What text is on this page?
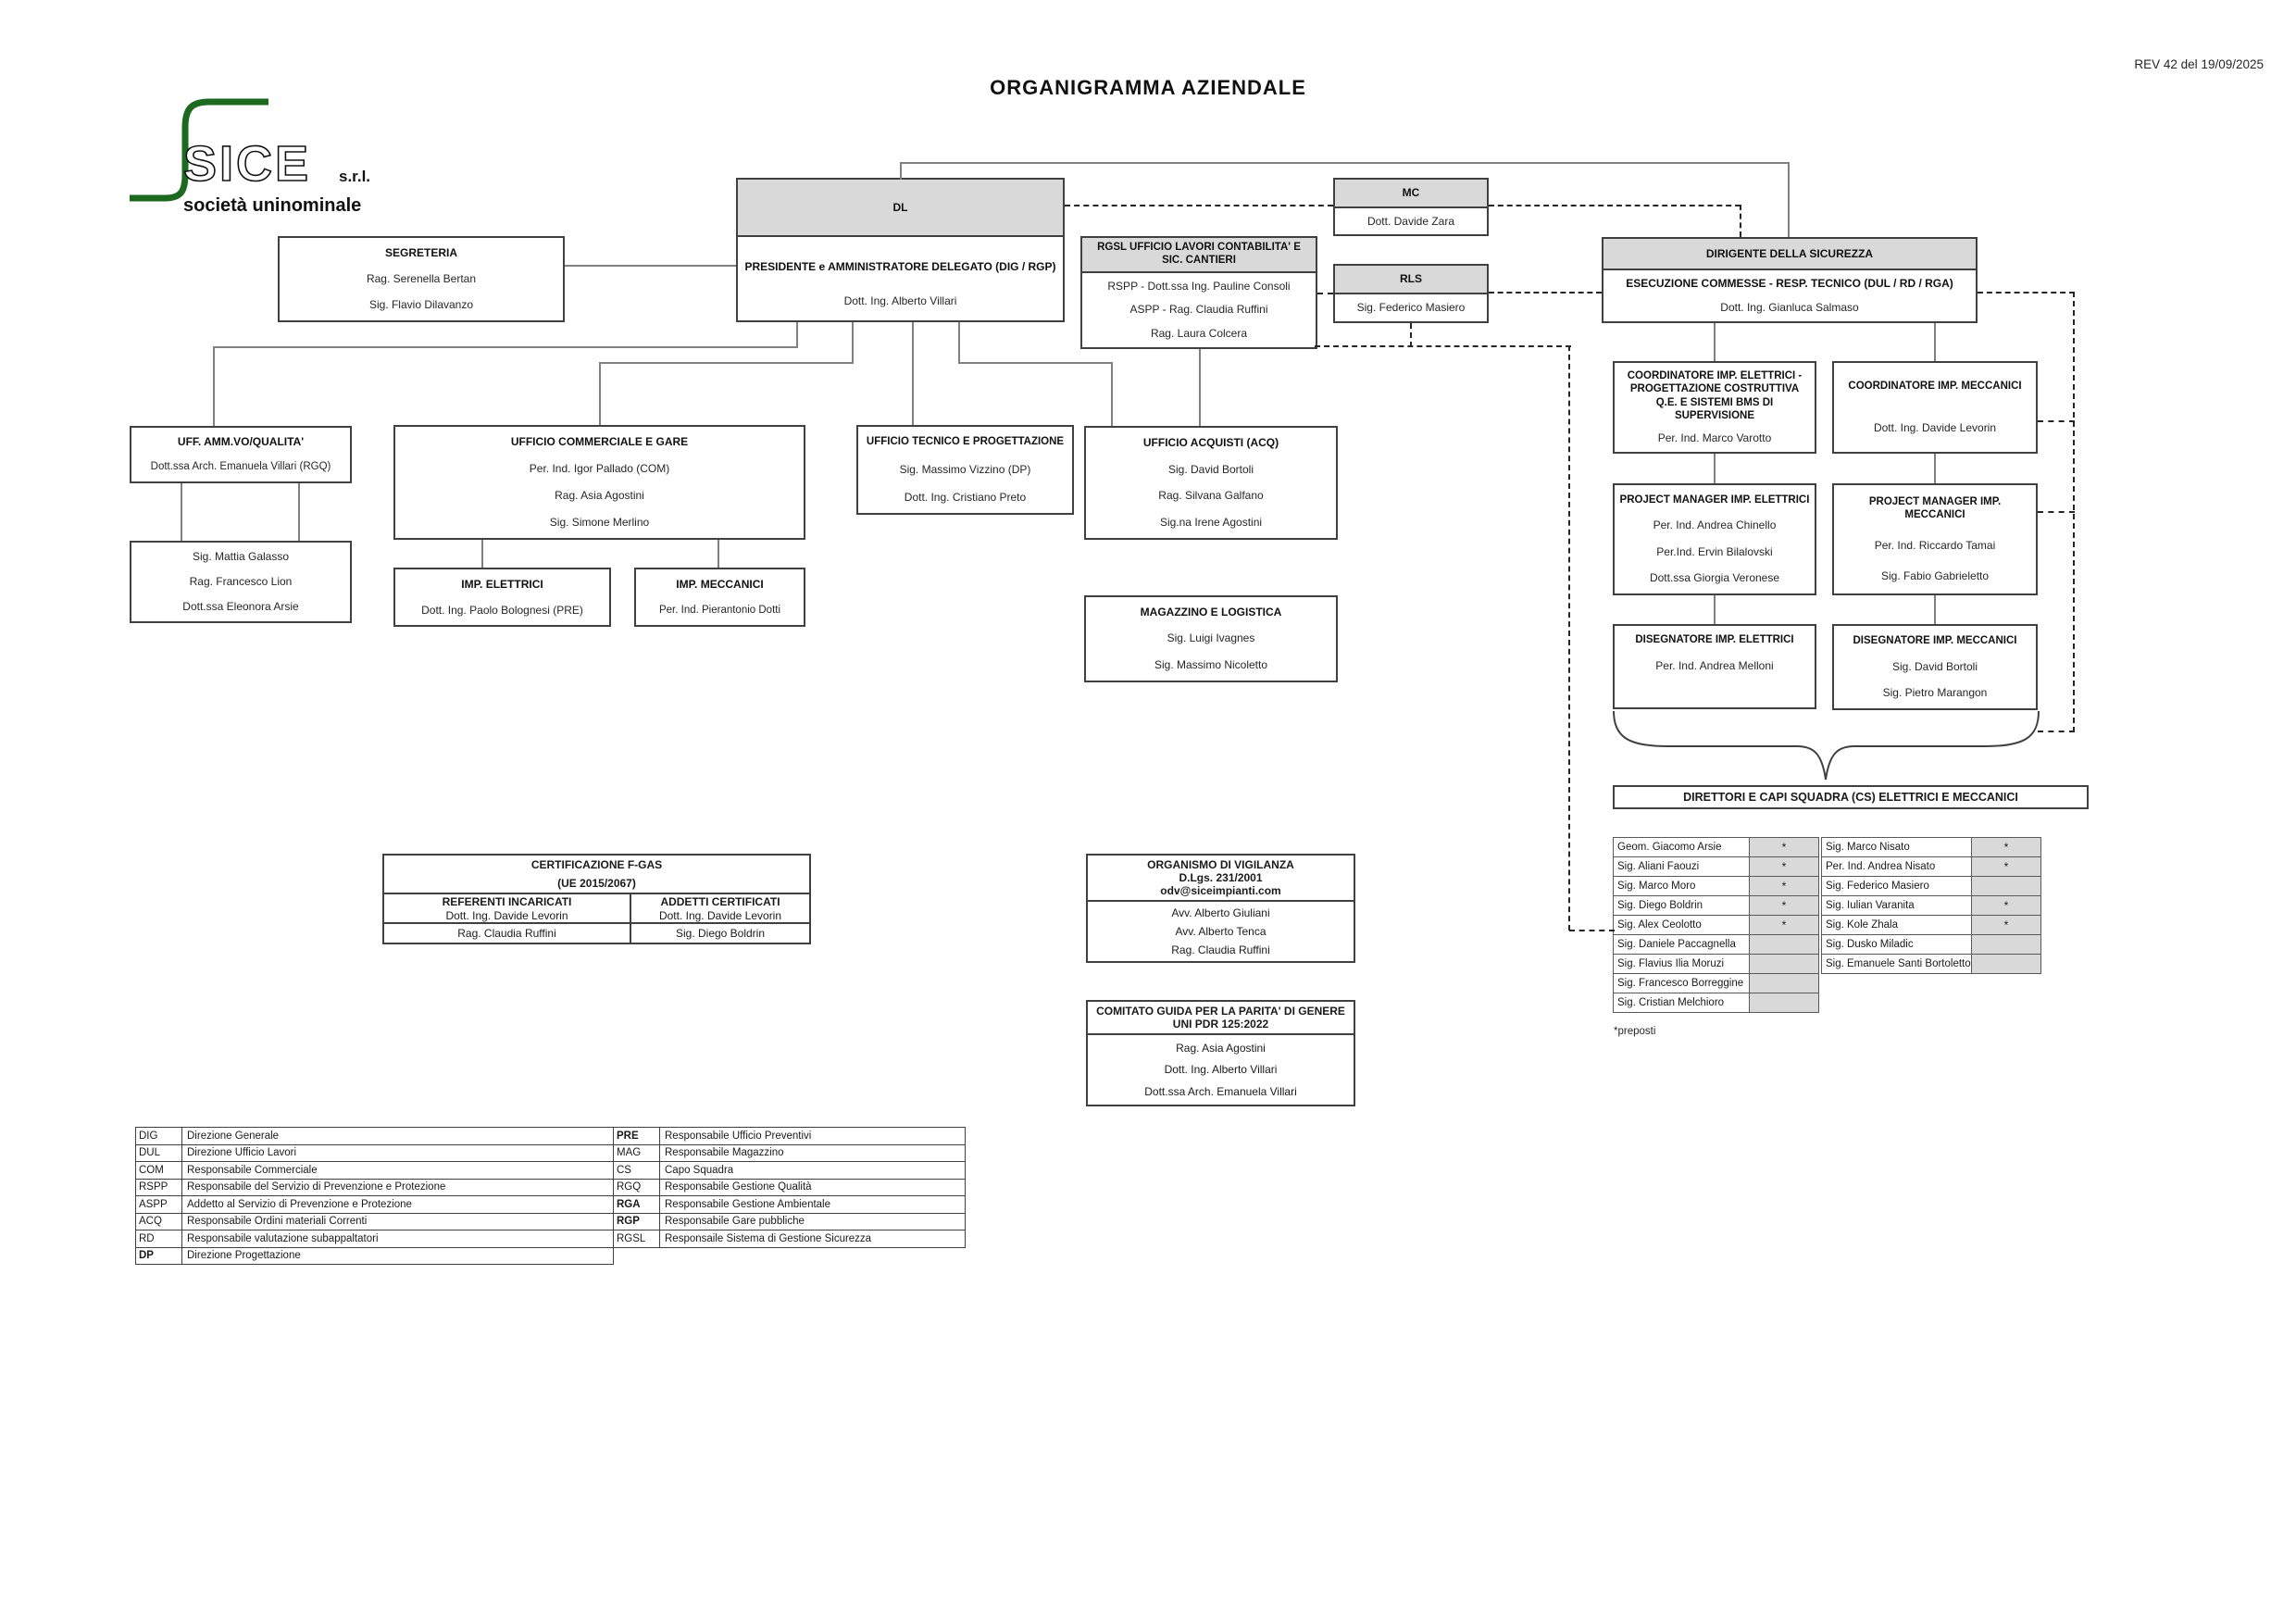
ORGANIGRAMMA AZIENDALE
REV 42 del 19/09/2025
SICE s.r.l.
società uninominale	DL
PRESIDENTE e AMMINISTRATORE DELEGATO (DIG / RGP)
Dott. Ing. Alberto Villari
SEGRETERIA
Rag. Serenella Bertan
Sig. Flavio Dilavanzo
MC
Dott. Davide Zara
RGSL UFFICIO LAVORI CONTABILITA' E SIC. CANTIERI
RSPP - Dott.ssa Ing. Pauline Consoli
ASPP - Rag. Claudia Ruffini
Rag. Laura Colcera
RLS
Sig. Federico Masiero
DIRIGENTE DELLA SICUREZZA
ESECUZIONE COMMESSE - RESP. TECNICO (DUL / RD / RGA)
Dott. Ing. Gianluca Salmaso
UFF. AMM.VO/QUALITA'
Dott.ssa Arch. Emanuela Villari (RGQ)
Sig. Mattia Galasso
Rag. Francesco Lion
Dott.ssa Eleonora Arsie
UFFICIO COMMERCIALE E GARE
Per. Ind. Igor Pallado (COM)
Rag. Asia Agostini
Sig. Simone Merlino
IMP. ELETTRICI
Dott. Ing. Paolo Bolognesi (PRE)
IMP. MECCANICI
Per. Ind. Pierantonio Dotti
UFFICIO TECNICO E PROGETTAZIONE
Sig. Massimo Vizzino (DP)
Dott. Ing. Cristiano Preto
UFFICIO ACQUISTI (ACQ)
Sig. David Bortoli
Rag. Silvana Galfano
Sig.na Irene Agostini
MAGAZZINO E LOGISTICA
Sig. Luigi Ivagnes
Sig. Massimo Nicoletto
COORDINATORE IMP. ELETTRICI - PROGETTAZIONE COSTRUTTIVA Q.E. E SISTEMI BMS DI SUPERVISIONE
Per. Ind. Marco Varotto
COORDINATORE IMP. MECCANICI
Dott. Ing. Davide Levorin
PROJECT MANAGER IMP. ELETTRICI
Per. Ind. Andrea Chinello
Per.Ind. Ervin Bilalovski
Dott.ssa Giorgia Veronese
PROJECT MANAGER IMP. MECCANICI
Per. Ind. Riccardo Tamai
Sig. Fabio Gabrieletto
DISEGNATORE IMP. ELETTRICI
Per. Ind. Andrea Melloni
DISEGNATORE IMP. MECCANICI
Sig. David Bortoli
Sig. Pietro Marangon
DIRETTORI E CAPI SQUADRA (CS) ELETTRICI E MECCANICI
Geom. Giacomo Arsie	*
Sig. Aliani Faouzi	*
Sig. Marco Moro	*
Sig. Diego Boldrin	*
Sig. Alex Ceolotto	*
Sig. Daniele Paccagnella
Sig. Flavius Ilia Moruzi
Sig. Francesco Borreggine
Sig. Cristian Melchioro
Sig. Marco Nisato	*
Per. Ind. Andrea Nisato	*
Sig. Federico Masiero
Sig. Iulian Varanita	*
Sig. Kole Zhala	*
Sig. Dusko Miladic
Sig. Emanuele Santi Bortoletto
*preposti
CERTIFICAZIONE F-GAS
(UE 2015/2067)
REFERENTI INCARICATI
Dott. Ing. Davide Levorin
ADDETTI CERTIFICATI
Dott. Ing. Davide Levorin
Rag. Claudia Ruffini	Sig. Diego Boldrin
ORGANISMO DI VIGILANZA
D.Lgs. 231/2001
odv@siceimpianti.com
Avv. Alberto Giuliani
Avv. Alberto Tenca
Rag. Claudia Ruffini
COMITATO GUIDA PER LA PARITA' DI GENERE
UNI PDR 125:2022
Rag. Asia Agostini
Dott. Ing. Alberto Villari
Dott.ssa Arch. Emanuela Villari
DIG	Direzione Generale
DUL	Direzione Ufficio Lavori
COM	Responsabile Commerciale
RSPP	Responsabile del Servizio di Prevenzione e Protezione
ASPP	Addetto al Servizio di Prevenzione e Protezione
ACQ	Responsabile Ordini materiali Correnti
RD	Responsabile valutazione subappaltatori
DP	Direzione Progettazione
PRE	Responsabile Ufficio Preventivi
MAG	Responsabile Magazzino
CS	Capo Squadra
RGQ	Responsabile Gestione Qualità
RGA	Responsabile Gestione Ambientale
RGP	Responsabile Gare pubbliche
RGSL	Responsaile Sistema di Gestione Sicurezza
